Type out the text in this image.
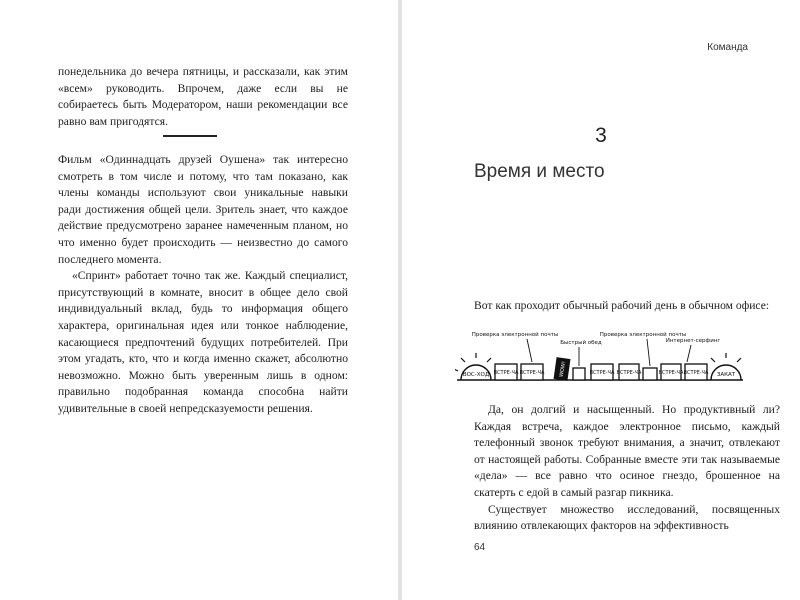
понедельника до вечера пятницы, и рассказали, как этим «всем» руководить. Впрочем, даже если вы не собираетесь быть Модератором, наши рекомендации все равно вам пригодятся.

Фильм «Одиннадцать друзей Оушена» так интересно смотреть в том числе и потому, что там показано, как члены команды используют свои уникальные навыки ради достижения общей цели. Зритель знает, что каждое действие предусмотрено заранее намеченным планом, но что именно будет происходить — неизвестно до самого последнего момента.

«Спринт» работает точно так же. Каждый специалист, присутствующий в комнате, вносит в общее дело свой индивидуальный вклад, будь то информация общего характера, оригинальная идея или тонкое наблюдение, касающиеся предпочтений будущих потребителей. При этом угадать, кто, что и когда именно скажет, абсолютно невозможно. Можно быть уверенным лишь в одном: правильно подобранная команда способна найти удивительные в своей непредсказуемости решения.

Команда
3
Время и место

Вот как проходит обычный рабочий день в обычном офисе:

Да, он долгий и насыщенный. Но продуктивный ли? Каждая встреча, каждое электронное письмо, каждый телефонный звонок требуют внимания, а значит, отвлекают от настоящей работы. Собранные вместе эти так называемые «дела» — все равно что осиное гнездо, брошенное на скатерть с едой в самый разгар пикника.

Существует множество исследований, посвященных влиянию отвлекающих факторов на эффективность

64
ВОС-ХОД ВСТРЕ-ЧА ВСТРЕ-ЧА	WOW!	ВСТРЕ-ЧА ВСТРЕ-ЧА	ВСТРЕ-ЧА ВСТРЕ-ЧА ЗАКАТ
Проверка электронной почты
Быстрый обед
Проверка электронной почты
Интернет-серфинг
